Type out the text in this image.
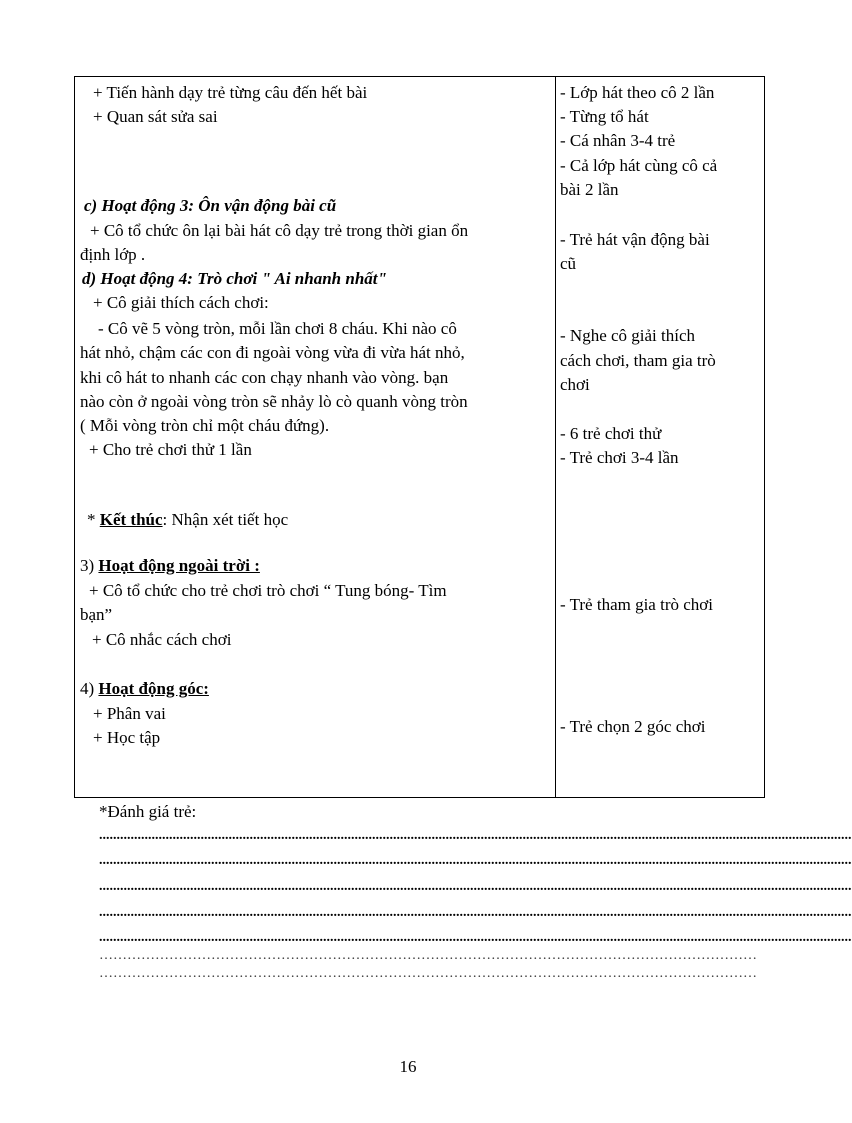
+ Tiến hành dạy trẻ từng câu đến hết bài
+ Quan sát sửa sai
c) Hoạt động 3: Ôn vận động bài cũ
+ Cô tổ chức ôn lại bài hát cô dạy trẻ trong thời gian ổn
định lớp .
d) Hoạt động 4: Trò chơi " Ai nhanh nhất"
+ Cô giải thích cách chơi:
- Cô vẽ 5 vòng tròn, mỗi lần chơi 8 cháu. Khi nào cô
hát nhỏ, chậm các con đi ngoài vòng vừa đi vừa hát nhỏ,
khi cô hát to nhanh các con chạy nhanh vào vòng. bạn
nào còn ở ngoài vòng tròn sẽ nhảy lò cò quanh vòng tròn
( Mỗi vòng tròn chỉ một cháu đứng).
+ Cho trẻ chơi thử 1 lần
* Kết thúc: Nhận xét tiết học
3) Hoạt động ngoài trời :
+ Cô tổ chức cho trẻ chơi trò chơi “ Tung bóng- Tìm
bạn”
+ Cô nhắc cách chơi
4) Hoạt động góc:
+ Phân vai
+ Học tập
- Lớp hát theo cô 2 lần
- Từng tổ hát
- Cá nhân 3-4 trẻ
- Cả lớp hát cùng cô cả
bài 2 lần
- Trẻ hát vận động bài
cũ
- Nghe cô giải thích
cách chơi, tham gia trò
chơi
- 6 trẻ chơi thử
- Trẻ chơi 3-4 lần
- Trẻ tham gia trò chơi
- Trẻ chọn 2 góc chơi
*Đánh giá trẻ:
.......................................................................................................................................................................................................................
.......................................................................................................................................................................................................................
.......................................................................................................................................................................................................................
.......................................................................................................................................................................................................................
.......................................................................................................................................................................................................................
……………………………………………………………………………………………………………………………
……………………………………………………………………………………………………………………………
16
